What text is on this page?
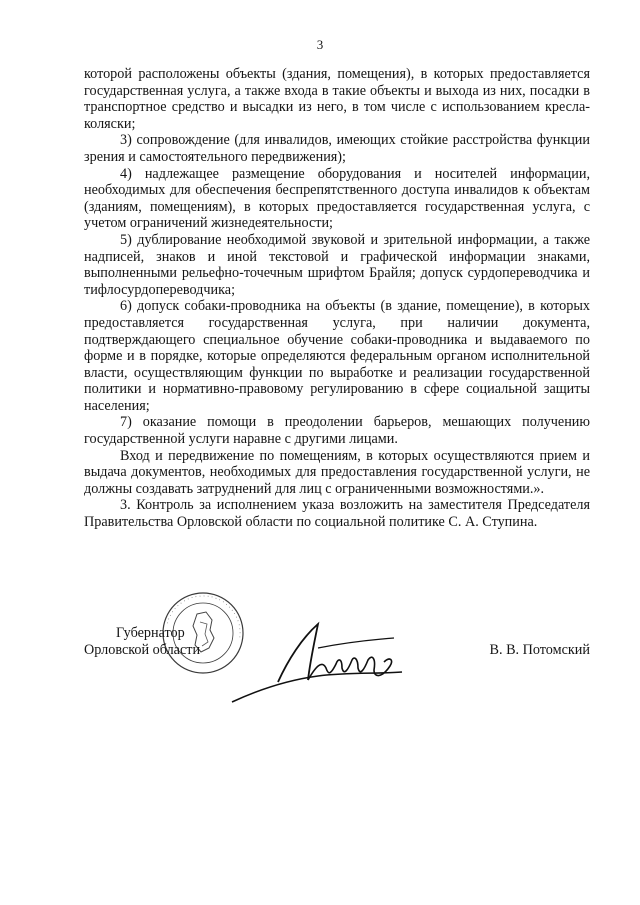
3

которой расположены объекты (здания, помещения), в которых предоставляется государственная услуга, а также входа в такие объекты и выхода из них, посадки в транспортное средство и высадки из него, в том числе с использованием кресла-коляски;

3) сопровождение (для инвалидов, имеющих стойкие расстройства функции зрения и самостоятельного передвижения);

4) надлежащее размещение оборудования и носителей информации, необходимых для обеспечения беспрепятственного доступа инвалидов к объектам (зданиям, помещениям), в которых предоставляется государственная услуга, с учетом ограничений жизнедеятельности;

5) дублирование необходимой звуковой и зрительной информации, а также надписей, знаков и иной текстовой и графической информации знаками, выполненными рельефно-точечным шрифтом Брайля; допуск сурдопереводчика и тифлосурдопереводчика;

6) допуск собаки-проводника на объекты (в здание, помещение), в которых предоставляется государственная услуга, при наличии документа, подтверждающего специальное обучение собаки-проводника и выдаваемого по форме и в порядке, которые определяются федеральным органом исполнительной власти, осуществляющим функции по выработке и реализации государственной политики и нормативно-правовому регулированию в сфере социальной защиты населения;

7) оказание помощи в преодолении барьеров, мешающих получению государственной услуги наравне с другими лицами.

Вход и передвижение по помещениям, в которых осуществляются прием и выдача документов, необходимых для предоставления государственной услуги, не должны создавать затруднений для лиц с ограниченными возможностями.».

3. Контроль за исполнением указа возложить на заместителя Председателя Правительства Орловской области по социальной политике С. А. Ступина.

· · · · · · · · · · · · · · · · · · · · · · · · · · · ·
Губернатор
Орловской области	В. В. Потомский
